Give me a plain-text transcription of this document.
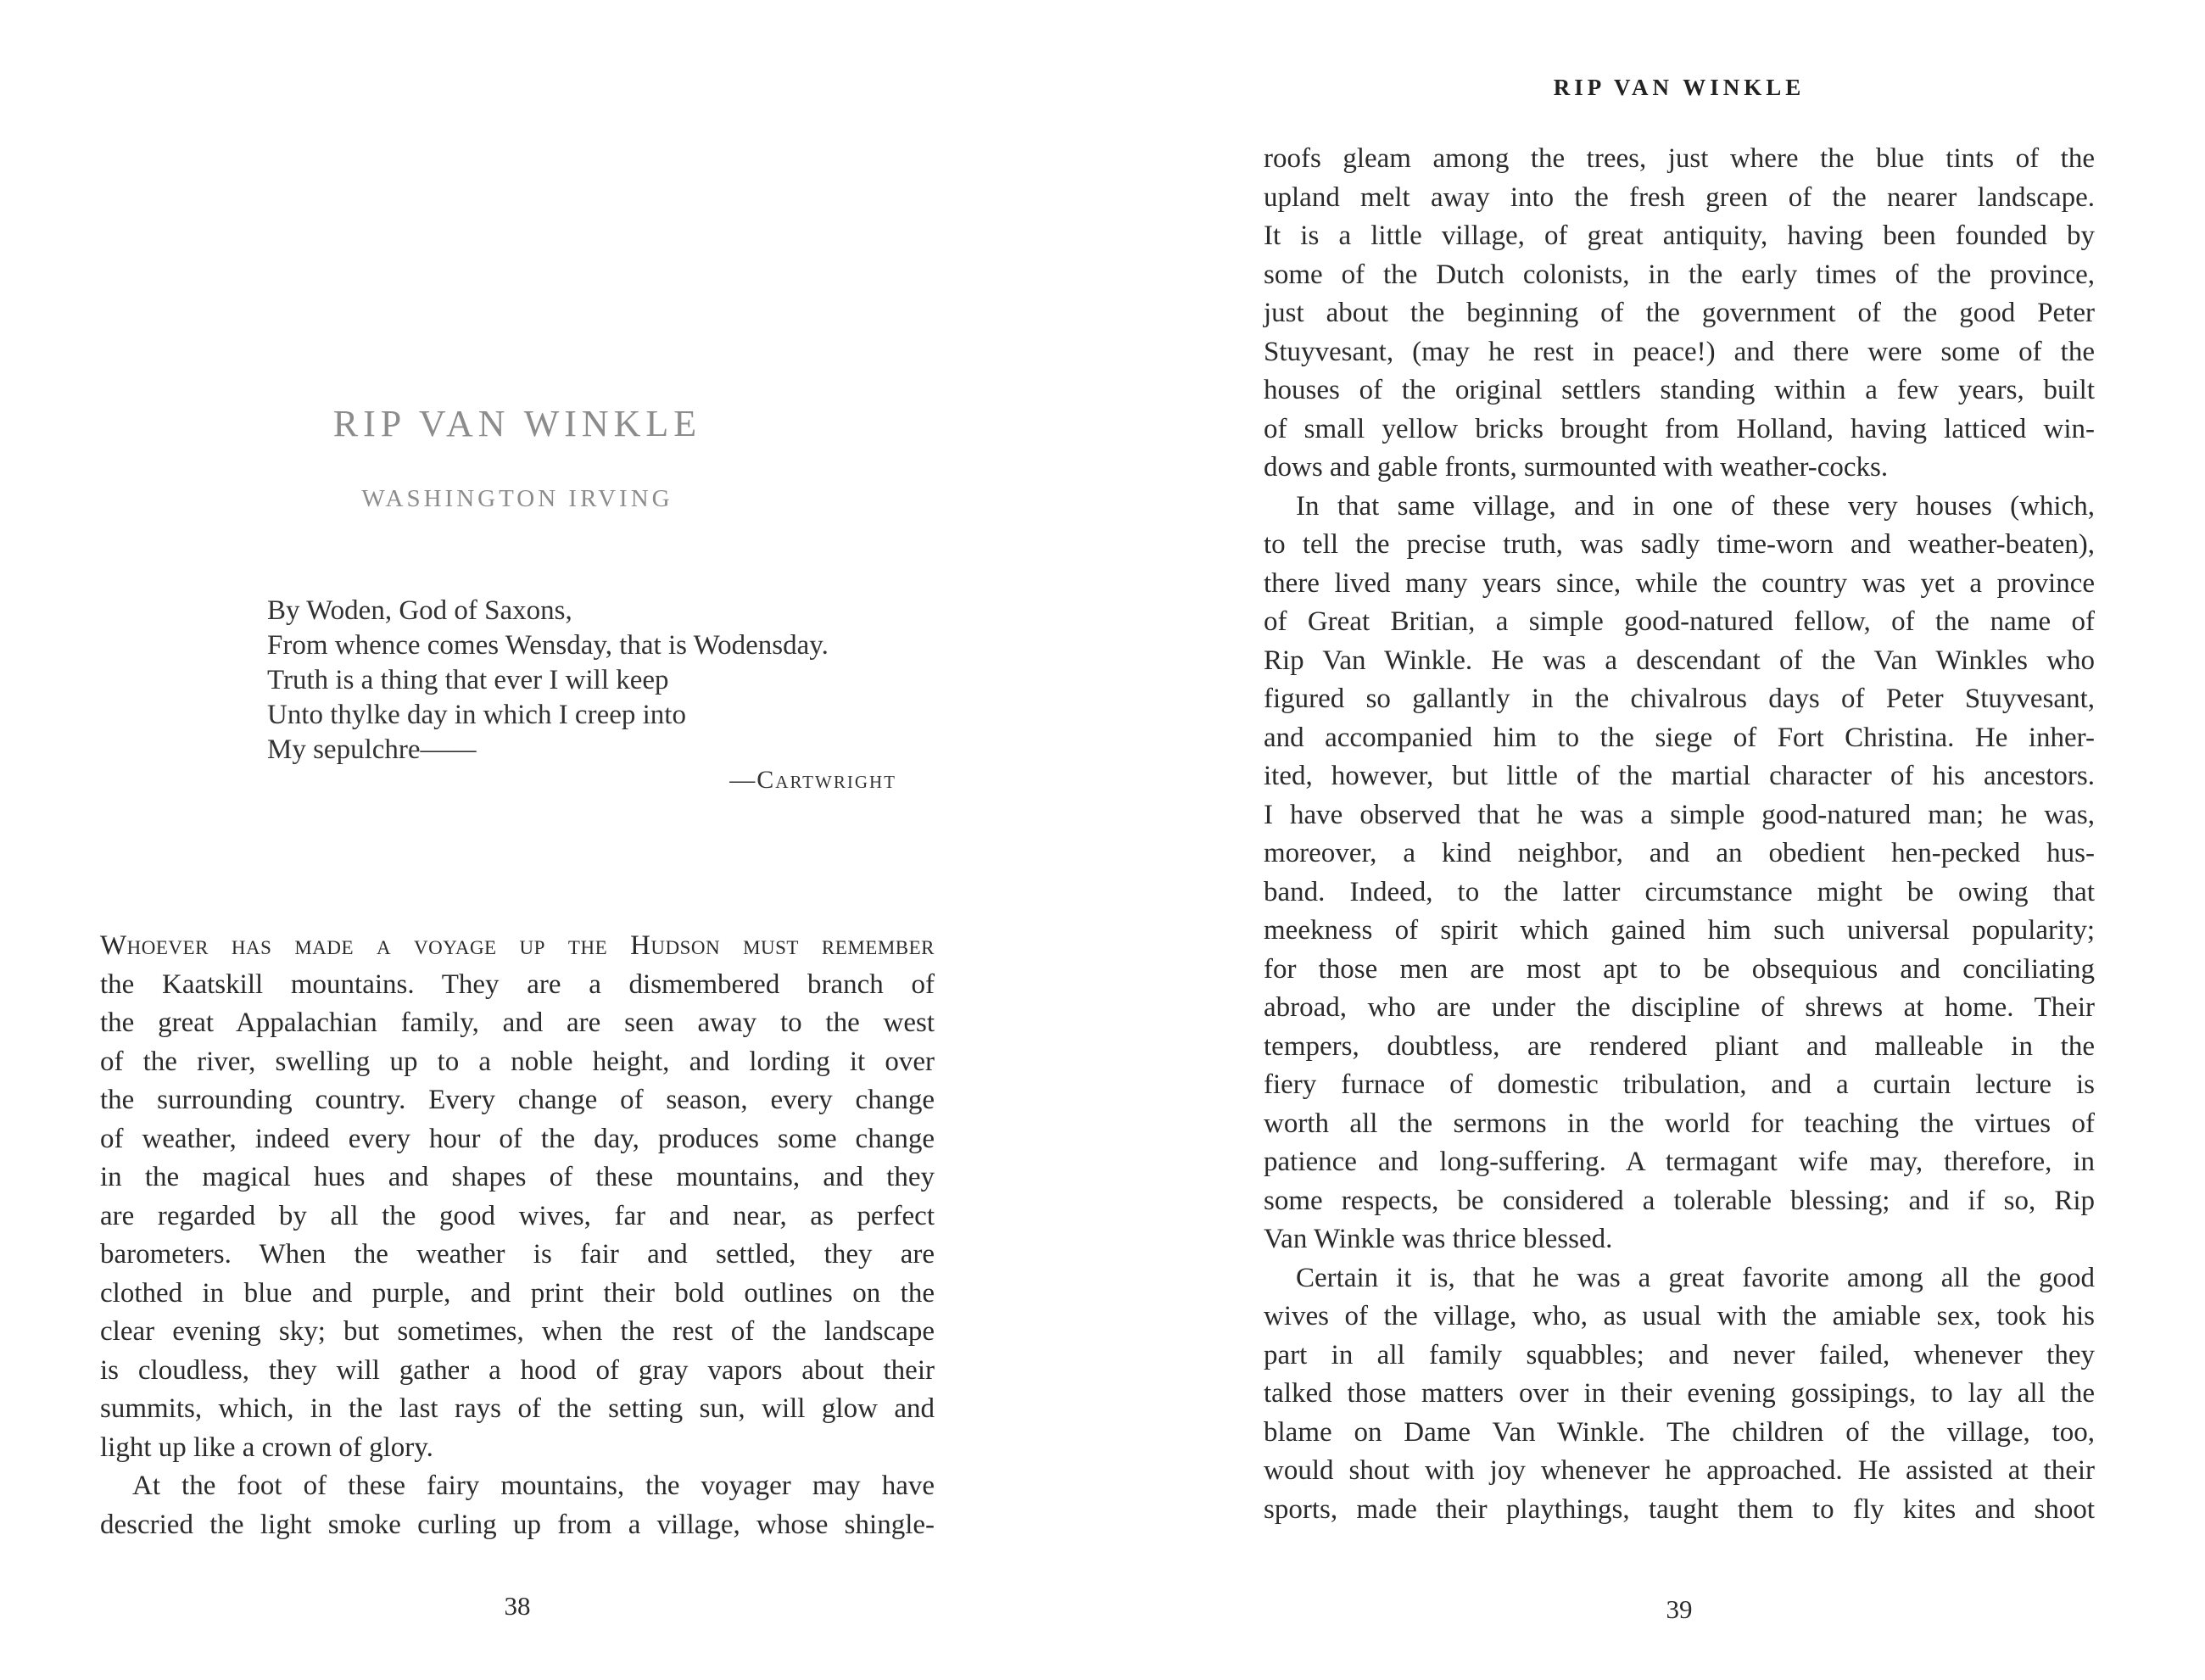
RIP VAN WINKLE
WASHINGTON IRVING
By Woden, God of Saxons,
From whence comes Wensday, that is Wodensday.
Truth is a thing that ever I will keep
Unto thylke day in which I creep into
My sepulchre——
—Cartwright
Whoever has made a voyage up the Hudson must remember
the Kaatskill mountains. They are a dismembered branch of
the great Appalachian family, and are seen away to the west
of the river, swelling up to a noble height, and lording it over
the surrounding country. Every change of season, every change
of weather, indeed every hour of the day, produces some change
in the magical hues and shapes of these mountains, and they
are regarded by all the good wives, far and near, as perfect
barometers. When the weather is fair and settled, they are
clothed in blue and purple, and print their bold outlines on the
clear evening sky; but sometimes, when the rest of the landscape
is cloudless, they will gather a hood of gray vapors about their
summits, which, in the last rays of the setting sun, will glow and
light up like a crown of glory.
At the foot of these fairy mountains, the voyager may have
descried the light smoke curling up from a village, whose shingle-
38
RIP VAN WINKLE
roofs gleam among the trees, just where the blue tints of the
upland melt away into the fresh green of the nearer landscape.
It is a little village, of great antiquity, having been founded by
some of the Dutch colonists, in the early times of the province,
just about the beginning of the government of the good Peter
Stuyvesant, (may he rest in peace!) and there were some of the
houses of the original settlers standing within a few years, built
of small yellow bricks brought from Holland, having latticed win-
dows and gable fronts, surmounted with weather-cocks.
In that same village, and in one of these very houses (which,
to tell the precise truth, was sadly time-worn and weather-beaten),
there lived many years since, while the country was yet a province
of Great Britian, a simple good-natured fellow, of the name of
Rip Van Winkle. He was a descendant of the Van Winkles who
figured so gallantly in the chivalrous days of Peter Stuyvesant,
and accompanied him to the siege of Fort Christina. He inher-
ited, however, but little of the martial character of his ancestors.
I have observed that he was a simple good-natured man; he was,
moreover, a kind neighbor, and an obedient hen-pecked hus-
band. Indeed, to the latter circumstance might be owing that
meekness of spirit which gained him such universal popularity;
for those men are most apt to be obsequious and conciliating
abroad, who are under the discipline of shrews at home. Their
tempers, doubtless, are rendered pliant and malleable in the
fiery furnace of domestic tribulation, and a curtain lecture is
worth all the sermons in the world for teaching the virtues of
patience and long-suffering. A termagant wife may, therefore, in
some respects, be considered a tolerable blessing; and if so, Rip
Van Winkle was thrice blessed.
Certain it is, that he was a great favorite among all the good
wives of the village, who, as usual with the amiable sex, took his
part in all family squabbles; and never failed, whenever they
talked those matters over in their evening gossipings, to lay all the
blame on Dame Van Winkle. The children of the village, too,
would shout with joy whenever he approached. He assisted at their
sports, made their playthings, taught them to fly kites and shoot
39
